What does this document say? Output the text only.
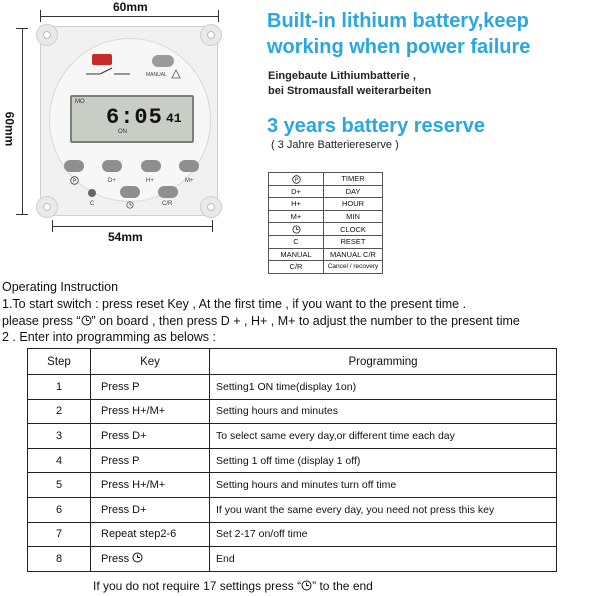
60mm
60mm
54mm
MANUAL
MO
ON
6:05 41
P	D+	H+	M+
C	C/R
Built-in lithium battery,keep
working when power failure
Eingebaute Lithiumbatterie ,
bei Stromausfall weiterarbeiten
3 years battery reserve
( 3 Jahre Batteriereserve )
P	TIMER
D+	DAY
H+	HOUR
M+	MIN
	CLOCK
C	RESET
MANUAL	MANUAL C/R
C/R	Cancel / recovery
Operating Instruction
1.To start switch : press reset Key , At the first time , if you want to the present time .
please press “ ” on board , then press D + , H+ , M+ to adjust the number to the present time
2 . Enter into programming as belows :
Step	Key	Programming
1	Press P	Setting1 ON time(display 1on)
2	Press H+/M+	Setting hours and minutes
3	Press D+	To select same every day,or different time each day
4	Press P	Setting 1 off time (display 1 off)
5	Press H+/M+	Setting hours and minutes turn off time
6	Press D+	If you want the same every day, you need not press this key
7	Repeat step2-6	Set 2-17 on/off time
8	Press	End
If you do not require 17 settings press “ ” to the end
